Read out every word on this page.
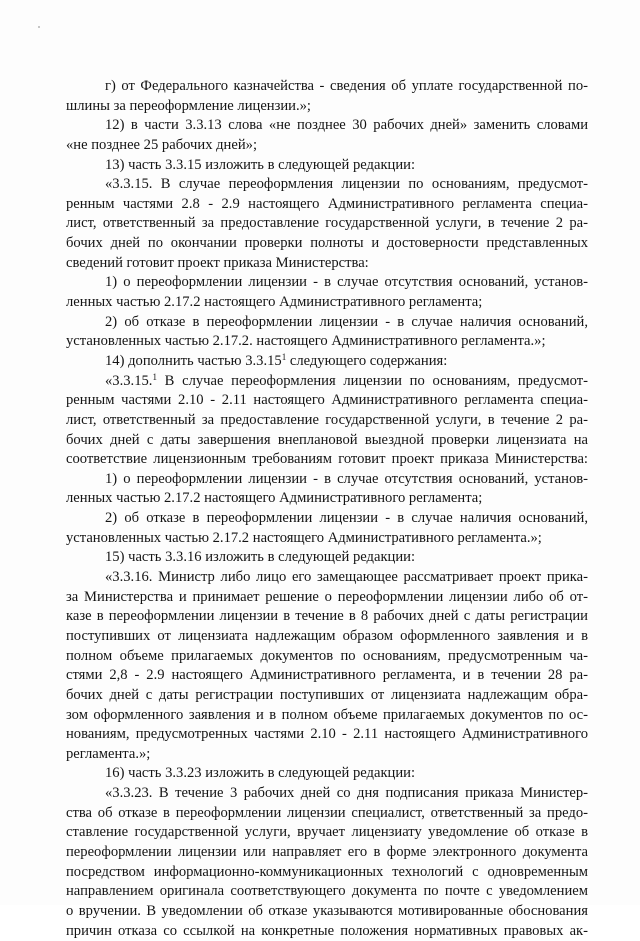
г) от Федерального казначейства - сведения об уплате государственной по-
шлины за переоформление лицензии.»;
12) в части 3.3.13 слова «не позднее 30 рабочих дней» заменить словами
«не позднее 25 рабочих дней»;
13) часть 3.3.15 изложить в следующей редакции:
«3.3.15. В случае переоформления лицензии по основаниям, предусмот-
ренным частями 2.8 - 2.9 настоящего Административного регламента специа-
лист, ответственный за предоставление государственной услуги, в течение 2 ра-
бочих дней по окончании проверки полноты и достоверности представленных
сведений готовит проект приказа Министерства:
1) о переоформлении лицензии - в случае отсутствия оснований, установ-
ленных частью 2.17.2 настоящего Административного регламента;
2) об отказе в переоформлении лицензии - в случае наличия оснований,
установленных частью 2.17.2. настоящего Административного регламента.»;
14) дополнить частью 3.3.15$^1$ следующего содержания:
«3.3.15.$^1$ В случае переоформления лицензии по основаниям, предусмот-
ренным частями 2.10 - 2.11 настоящего Административного регламента специа-
лист, ответственный за предоставление государственной услуги, в течение 2 ра-
бочих дней с даты завершения внеплановой выездной проверки лицензиата на
соответствие лицензионным требованиям готовит проект приказа Министерства:
1) о переоформлении лицензии - в случае отсутствия оснований, установ-
ленных частью 2.17.2 настоящего Административного регламента;
2) об отказе в переоформлении лицензии - в случае наличия оснований,
установленных частью 2.17.2 настоящего Административного регламента.»;
15) часть 3.3.16 изложить в следующей редакции:
«3.3.16. Министр либо лицо его замещающее рассматривает проект прика-
за Министерства и принимает решение о переоформлении лицензии либо об от-
казе в переоформлении лицензии в течение в 8 рабочих дней с даты регистрации
поступивших от лицензиата надлежащим образом оформленного заявления и в
полном объеме прилагаемых документов по основаниям, предусмотренным ча-
стями 2,8 - 2.9 настоящего Административного регламента, и в течении 28 ра-
бочих дней с даты регистрации поступивших от лицензиата надлежащим обра-
зом оформленного заявления и в полном объеме прилагаемых документов по ос-
нованиям, предусмотренных частями 2.10 - 2.11 настоящего Административного
регламента.»;
16) часть 3.3.23 изложить в следующей редакции:
«3.3.23. В течение 3 рабочих дней со дня подписания приказа Министер-
ства об отказе в переоформлении лицензии специалист, ответственный за предо-
ставление государственной услуги, вручает лицензиату уведомление об отказе в
переоформлении лицензии или направляет его в форме электронного документа
посредством информационно-коммуникационных технологий с одновременным
направлением оригинала соответствующего документа по почте с уведомлением
о вручении. В уведомлении об отказе указываются мотивированные обоснования
причин отказа со ссылкой на конкретные положения нормативных правовых ак-
